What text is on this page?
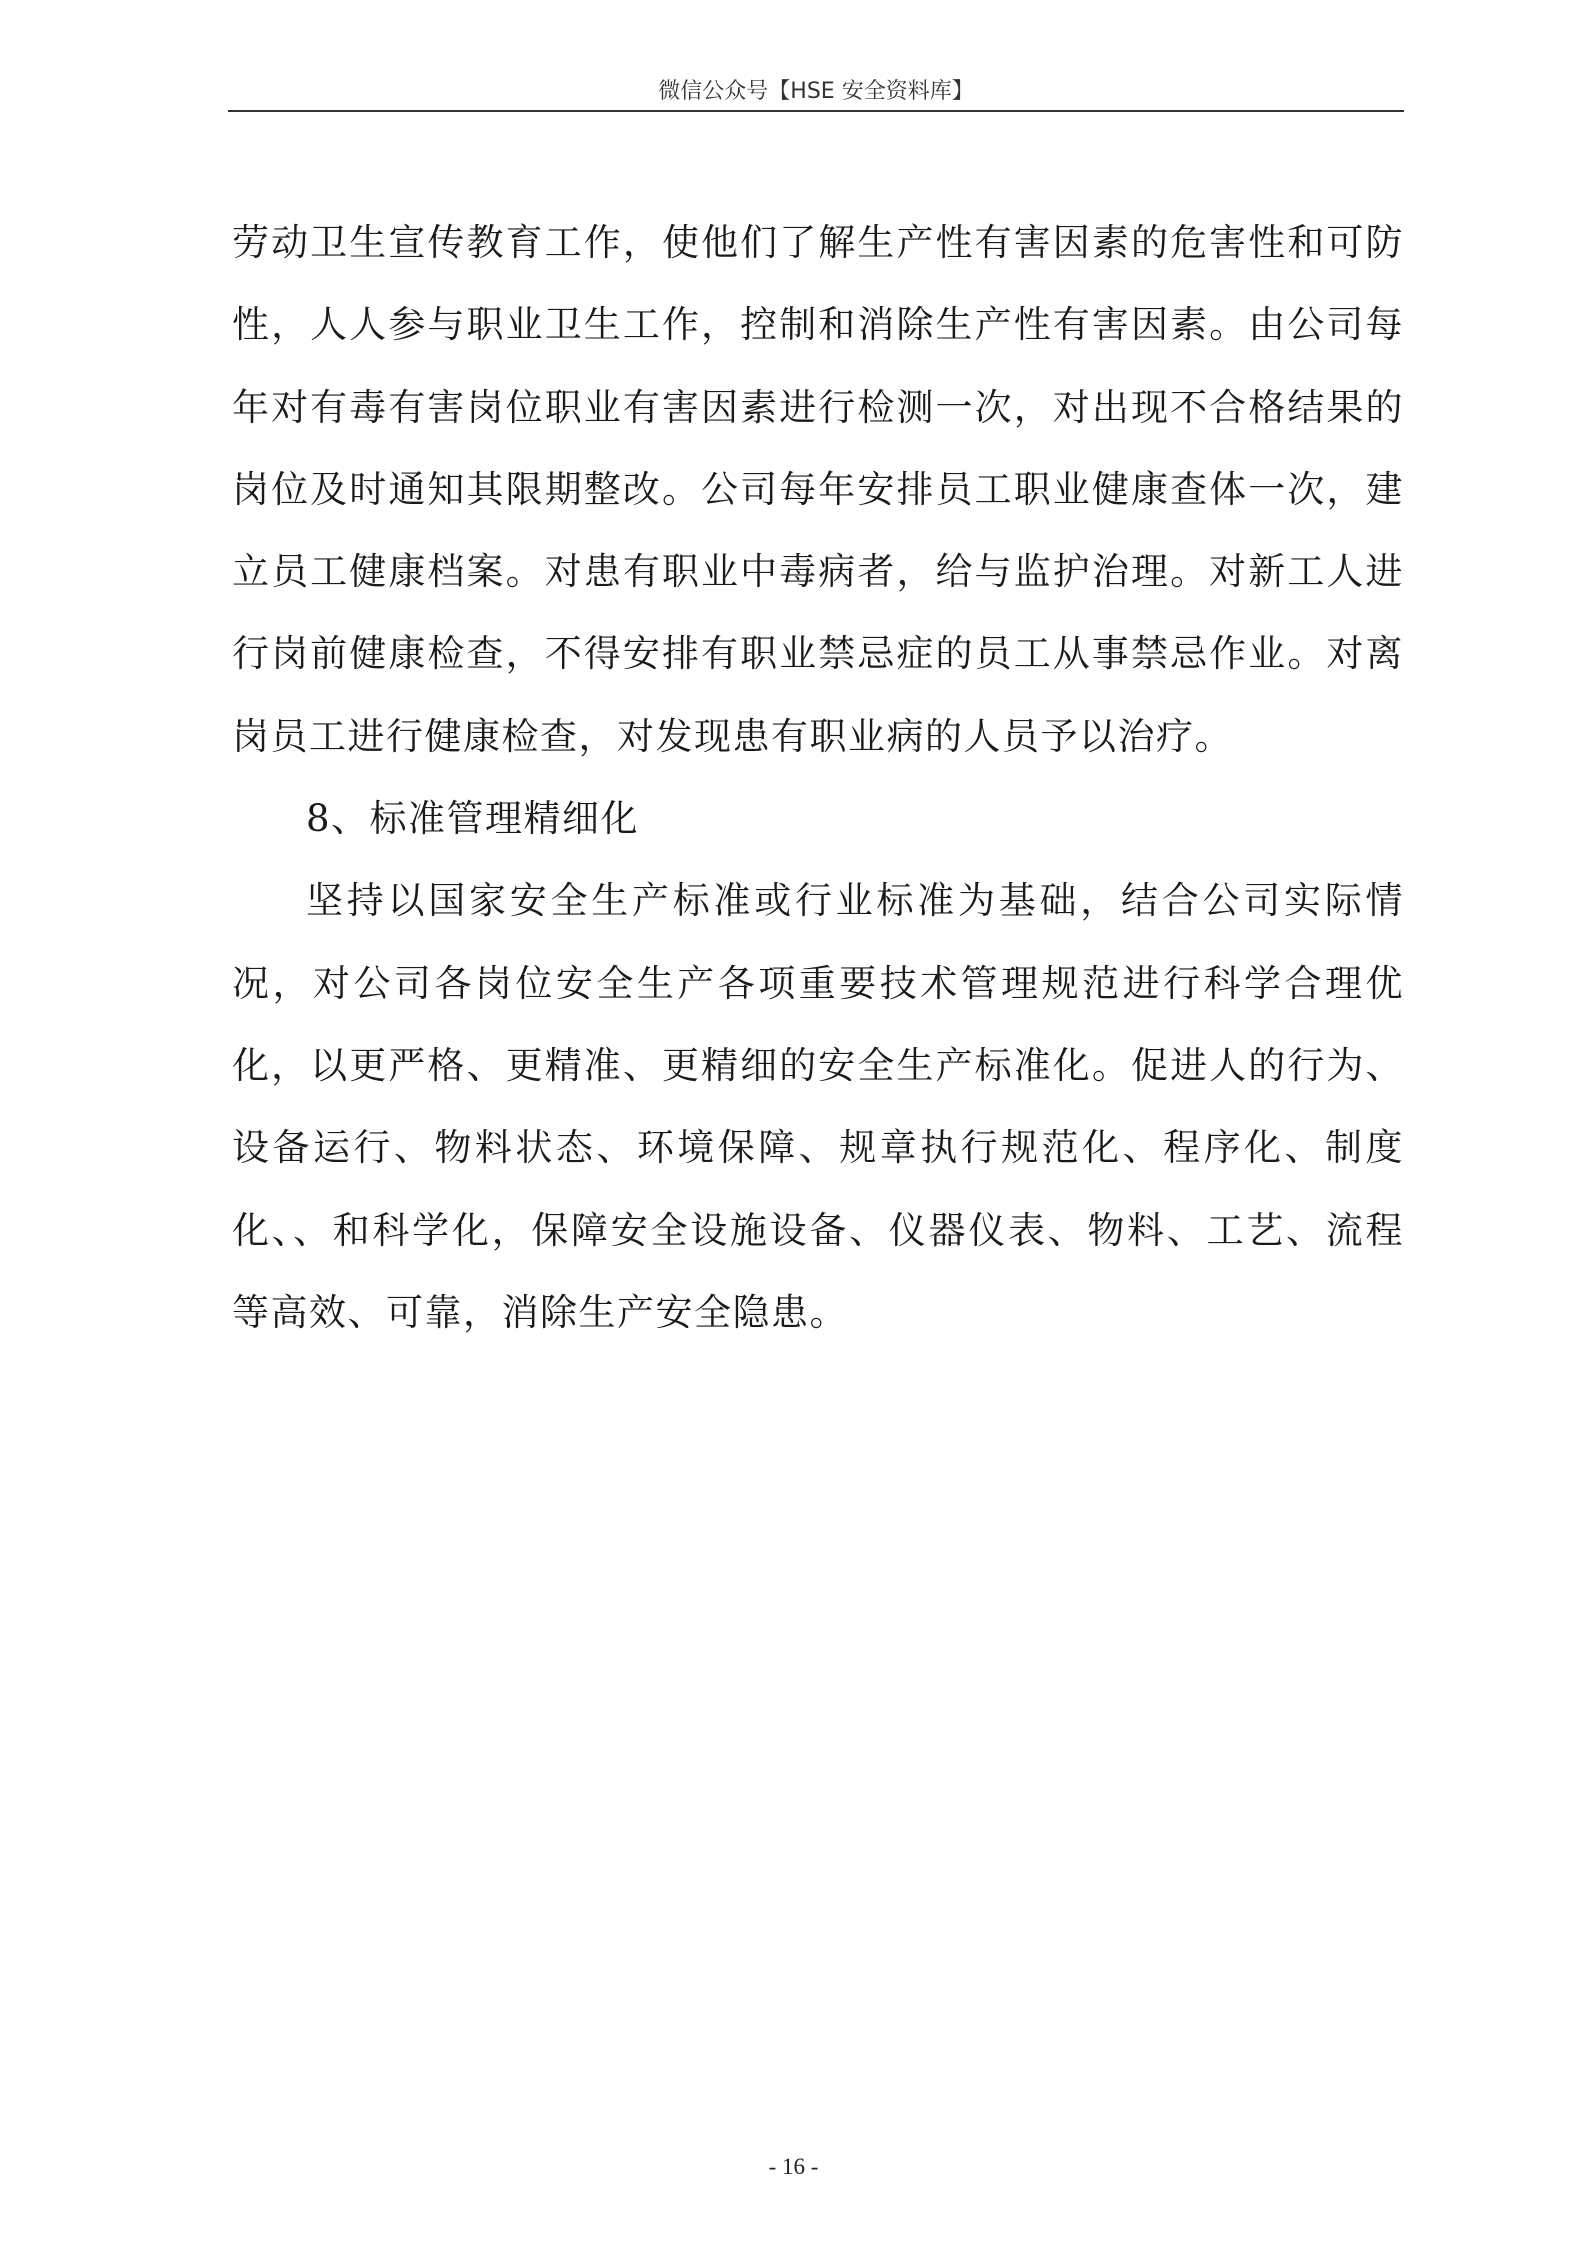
微信公众号【HSE 安全资料库】

劳动卫生宣传教育工作，使他们了解生产性有害因素的危害性和可防性，人人参与职业卫生工作，控制和消除生产性有害因素。由公司每年对有毒有害岗位职业有害因素进行检测一次，对出现不合格结果的岗位及时通知其限期整改。公司每年安排员工职业健康查体一次，建立员工健康档案。对患有职业中毒病者，给与监护治理。对新工人进行岗前健康检查，不得安排有职业禁忌症的员工从事禁忌作业。对离岗员工进行健康检查，对发现患有职业病的人员予以治疗。

8、标准管理精细化

坚持以国家安全生产标准或行业标准为基础，结合公司实际情况，对公司各岗位安全生产各项重要技术管理规范进行科学合理优化，以更严格、更精准、更精细的安全生产标准化。促进人的行为、设备运行、物料状态、环境保障、规章执行规范化、程序化、制度化、、和科学化，保障安全设施设备、仪器仪表、物料、工艺、流程等高效、可靠，消除生产安全隐患。

- 16 -
